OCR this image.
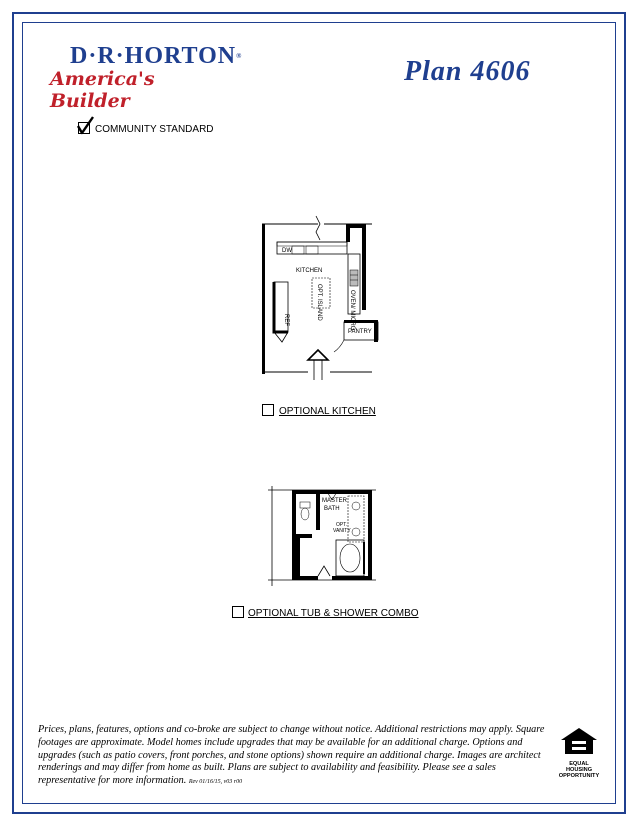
D·R·HORTON®
America's Builder
Plan 4606
COMMUNITY STANDARD
DW
KITCHEN
OPT. ISLAND	OVEN/ MICRO
REF
PANTRY
OPTIONAL KITCHEN
MASTER
BATH
OPT.
VANITY
OPTIONAL TUB & SHOWER COMBO
Prices, plans, features, options and co-broke are subject to change without notice. Additional restrictions may apply. Square footages are approximate. Model homes include upgrades that may be available for an additional charge. Options and upgrades (such as patio covers, front porches, and stone options) shown require an additional charge. Images are architect renderings and may differ from home as built. Plans are subject to availability and feasibility. Please see a sales representative for more information. Rev 01/16/15, v03 r00
EQUAL HOUSING
OPPORTUNITY
